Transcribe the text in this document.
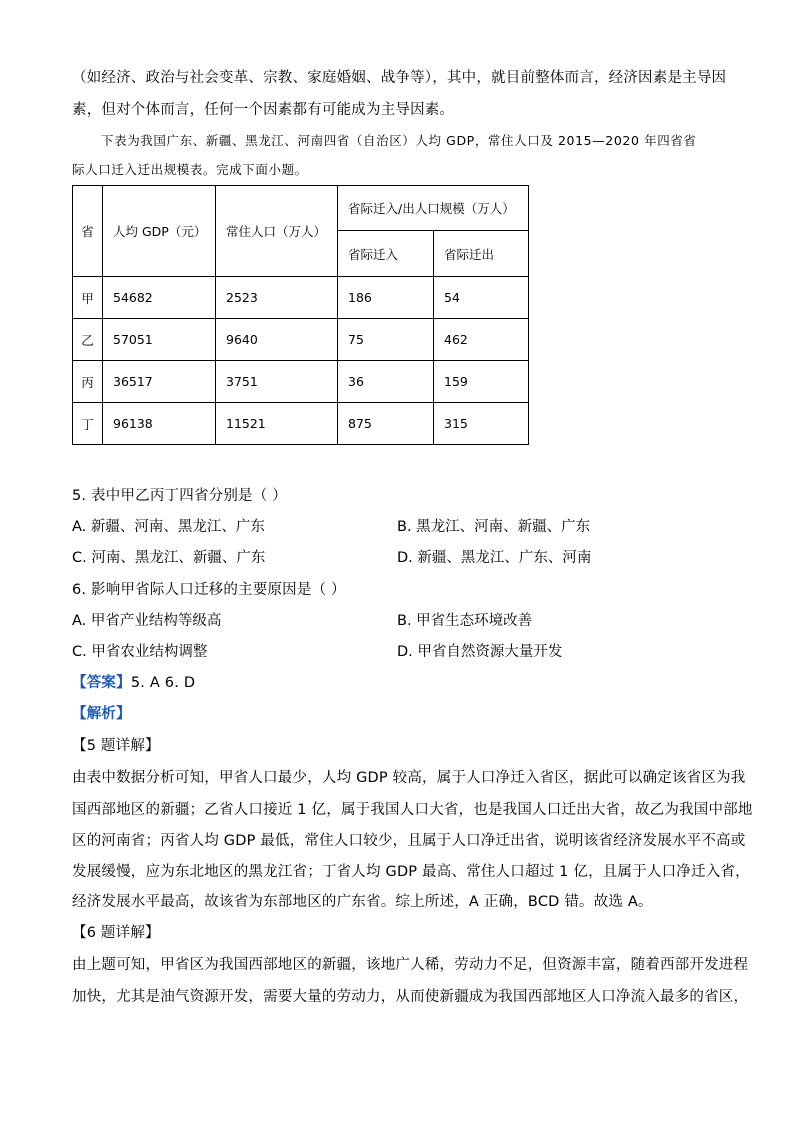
（如经济、政治与社会变革、宗教、家庭婚姻、战争等），其中，就目前整体而言，经济因素是主导因
素，但对个体而言，任何一个因素都有可能成为主导因素。
下表为我国广东、新疆、黑龙江、河南四省（自治区）人均 GDP，常住人口及 2015—2020 年四省省
际人口迁入迁出规模表。完成下面小题。
省	人均 GDP（元）	常住人口（万人）	省际迁入/出人口规模（万人）	
			省际迁入	省际迁出
甲	54682	2523	186	54
乙	57051	9640	75	462
丙	36517	3751	36	159
丁	96138	11521	875	315
5. 表中甲乙丙丁四省分别是（ ）
A. 新疆、河南、黑龙江、广东	B. 黑龙江、河南、新疆、广东
C. 河南、黑龙江、新疆、广东	D. 新疆、黑龙江、广东、河南
6. 影响甲省际人口迁移的主要原因是（ ）
A. 甲省产业结构等级高	B. 甲省生态环境改善
C. 甲省农业结构调整	D. 甲省自然资源大量开发
【答案】5. A 6. D
【解析】
【5 题详解】
由表中数据分析可知，甲省人口最少，人均 GDP 较高，属于人口净迁入省区，据此可以确定该省区为我
国西部地区的新疆；乙省人口接近 1 亿，属于我国人口大省，也是我国人口迁出大省，故乙为我国中部地
区的河南省；丙省人均 GDP 最低，常住人口较少，且属于人口净迁出省，说明该省经济发展水平不高或
发展缓慢，应为东北地区的黑龙江省；丁省人均 GDP 最高、常住人口超过 1 亿，且属于人口净迁入省，
经济发展水平最高，故该省为东部地区的广东省。综上所述，A 正确，BCD 错。故选 A。
【6 题详解】
由上题可知，甲省区为我国西部地区的新疆，该地广人稀，劳动力不足，但资源丰富，随着西部开发进程
加快，尤其是油气资源开发，需要大量的劳动力，从而使新疆成为我国西部地区人口净流入最多的省区，
